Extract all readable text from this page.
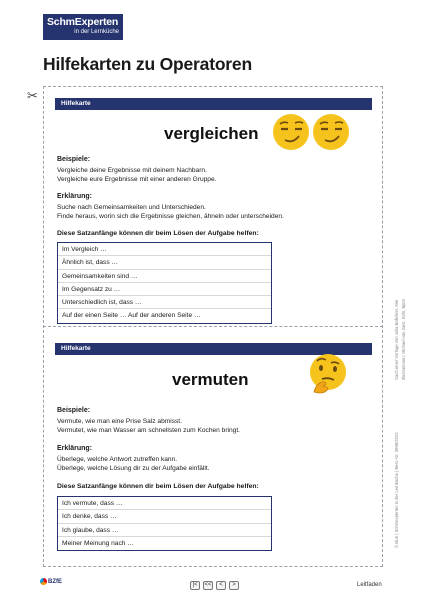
SchmExperten
in der Lernküche
Hilfekarten zu Operatoren
✂
Hilfekarte
vergleichen
Beispiele:
Vergleiche deine Ergebnisse mit deinem Nachbarn.
Vergleiche eure Ergebnisse mit einer anderen Gruppe.
Erklärung:
Suche nach Gemeinsamkeiten und Unterschieden.
Finde heraus, worin sich die Ergebnisse gleichen, ähneln oder unterscheiden.
Diese Satzanfänge können dir beim Lösen der Aufgabe helfen:
Im Vergleich …
Ähnlich ist, dass …
Gemeinsamkeiten sind …
Im Gegensatz zu …
Unterschiedlich ist, dass …
Auf der einen Seite … Auf der anderen Seite …
Hilfekarte
vermuten
Beispiele:
Vermute, wie man eine Prise Salz abmisst.
Vermutet, wie man Wasser am schnellsten zum Kochen bringt.
Erklärung:
Überlege, welche Antwort zutreffen kann.
Überlege, welche Lösung dir zu der Aufgabe einfällt.
Diese Satzanfänge können dir beim Lösen der Aufgabe helfen:
Ich vermute, dass …
Ich denke, dass …
Ich glaube, dass …
Meiner Meinung nach …
Nach einer Vorlage von Julia Bollehrer, Kiel Illustrationen: Michael van Gest, Köln; Björn
© BLE | Schmexperten in der Lernküche | Best.-Nr. 3998/2022
BZfE	|<	<<	<	>	Leitfaden
